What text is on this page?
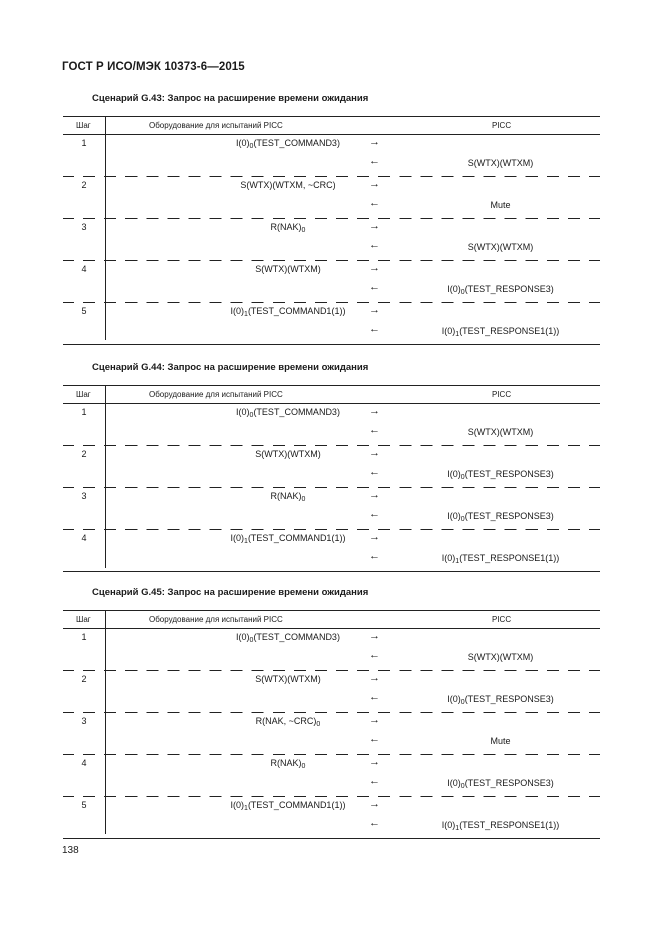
ГОСТ Р ИСО/МЭК 10373-6—2015
Сценарий G.43: Запрос на расширение времени ожидания
Шаг	Оборудование для испытаний PICC	PICC
1	$I(0)_0(TEST\_COMMAND3)$	→
←	S(WTX)(WTXM)
2	S(WTX)(WTXM, ~CRC)	→
←	Mute
3	$R(NAK)_0$	→
←	S(WTX)(WTXM)
4	S(WTX)(WTXM)	→
←	$I(0)_0(TEST\_RESPONSE3)$
5	$I(0)_1(TEST\_COMMAND1(1))$	→
←	$I(0)_1(TEST\_RESPONSE1(1))$
Сценарий G.44: Запрос на расширение времени ожидания
Шаг	Оборудование для испытаний PICC	PICC
1	$I(0)_0(TEST\_COMMAND3)$	→
←	S(WTX)(WTXM)
2	S(WTX)(WTXM)	→
←	$I(0)_0(TEST\_RESPONSE3)$
3	$R(NAK)_0$	→
←	$I(0)_0(TEST\_RESPONSE3)$
4	$I(0)_1(TEST\_COMMAND1(1))$	→
←	$I(0)_1(TEST\_RESPONSE1(1))$
Сценарий G.45: Запрос на расширение времени ожидания
Шаг	Оборудование для испытаний PICC	PICC
1	$I(0)_0(TEST\_COMMAND3)$	→
←	S(WTX)(WTXM)
2	S(WTX)(WTXM)	→
←	$I(0)_0(TEST\_RESPONSE3)$
3	R(NAK, $\sim CRC)_0$	→
←	Mute
4	$R(NAK)_0$	→
←	$I(0)_0(TEST\_RESPONSE3)$
5	$I(0)_1(TEST\_COMMAND1(1))$	→
←	$I(0)_1(TEST\_RESPONSE1(1))$
138
